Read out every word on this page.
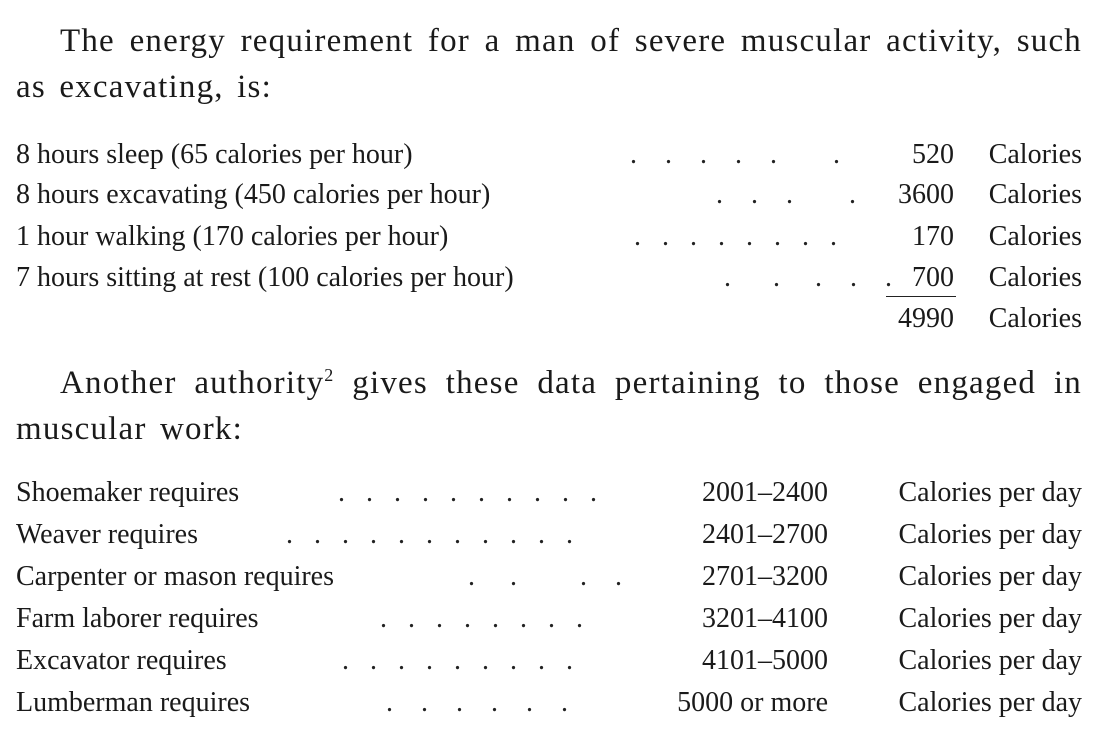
The energy requirement for a man of severe muscular activity, such as excavating, is:

8 hours sleep (65 calories per hour)	.    .    .    .    .        .	520 Calories
8 hours excavating (450 calories per hour)	.    .    .        . 3600 Calories
1 hour walking (170 calories per hour)	.   .   .   .   .   .   .   .	170 Calories
7 hours sitting at rest (100 calories per hour)	.      .     .    .    . 700 Calories
4990 Calories

Another authority$^2$ gives these data pertaining to those engaged in muscular work:

Shoemaker requires	.   .   .   .   .   .   .   .   .   .	2001–2400	Calories per day
Weaver requires	.   .   .   .   .   .   .   .   .   .   .	2401–2700	Calories per day
Carpenter or mason requires	.     .         .    .	2701–3200	Calories per day
Farm laborer requires	.   .   .   .   .   .   .   .	3201–4100	Calories per day
Excavator requires	.   .   .   .   .   .   .   .   .	4101–5000	Calories per day
Lumberman requires	.    .    .    .    .    .	5000 or more	Calories per day
